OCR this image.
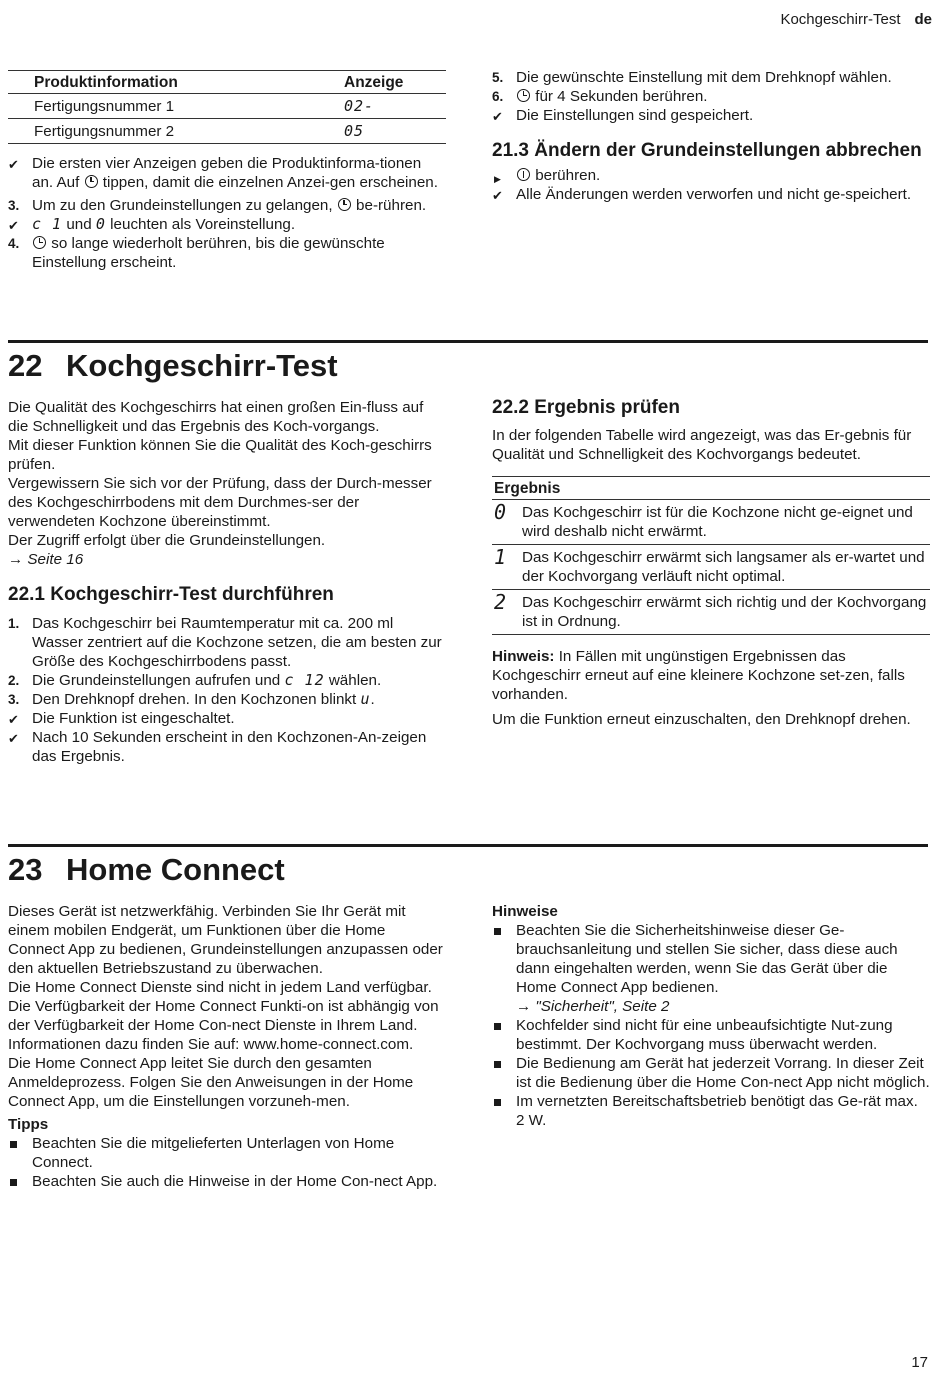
Kochgeschirr-Test de
Produktinformation	Anzeige
Fertigungsnummer 1	02-
Fertigungsnummer 2	05
✔ Die ersten vier Anzeigen geben die Produktinforma-tionen an. Auf tippen, damit die einzelnen Anzei-gen erscheinen.
3. Um zu den Grundeinstellungen zu gelangen, be-rühren.
✔ c 1 und 0 leuchten als Voreinstellung.
4. so lange wiederholt berühren, bis die gewünschte Einstellung erscheint.
5. Die gewünschte Einstellung mit dem Drehknopf wählen.
6. für 4 Sekunden berühren.
✔ Die Einstellungen sind gespeichert.
21.3 Ändern der Grundeinstellungen abbrechen
▶ berühren.
✔ Alle Änderungen werden verworfen und nicht ge-speichert.
22 Kochgeschirr-Test

Die Qualität des Kochgeschirrs hat einen großen Ein-fluss auf die Schnelligkeit und das Ergebnis des Koch-vorgangs.

Mit dieser Funktion können Sie die Qualität des Koch-geschirrs prüfen.

Vergewissern Sie sich vor der Prüfung, dass der Durch-messer des Kochgeschirrbodens mit dem Durchmes-ser der verwendeten Kochzone übereinstimmt.

Der Zugriff erfolgt über die Grundeinstellungen.

→ Seite 16

22.1 Kochgeschirr-Test durchführen
1. Das Kochgeschirr bei Raumtemperatur mit ca. 200 ml Wasser zentriert auf die Kochzone setzen, die am besten zur Größe des Kochgeschirrbodens passt.
2. Die Grundeinstellungen aufrufen und c 12 wählen.
3. Den Drehknopf drehen. In den Kochzonen blinkt u.
✔ Die Funktion ist eingeschaltet.
✔ Nach 10 Sekunden erscheint in den Kochzonen-An-zeigen das Ergebnis.
22.2 Ergebnis prüfen

In der folgenden Tabelle wird angezeigt, was das Er-gebnis für Qualität und Schnelligkeit des Kochvorgangs bedeutet.

Ergebnis	
0	Das Kochgeschirr ist für die Kochzone nicht ge-eignet und wird deshalb nicht erwärmt.
1	Das Kochgeschirr erwärmt sich langsamer als er-wartet und der Kochvorgang verläuft nicht optimal.
2	Das Kochgeschirr erwärmt sich richtig und der Kochvorgang ist in Ordnung.

Hinweis: In Fällen mit ungünstigen Ergebnissen das Kochgeschirr erneut auf eine kleinere Kochzone set-zen, falls vorhanden.

Um die Funktion erneut einzuschalten, den Drehknopf drehen.

23 Home Connect

Dieses Gerät ist netzwerkfähig. Verbinden Sie Ihr Gerät mit einem mobilen Endgerät, um Funktionen über die Home Connect App zu bedienen, Grundeinstellungen anzupassen oder den aktuellen Betriebszustand zu überwachen.

Die Home Connect Dienste sind nicht in jedem Land verfügbar. Die Verfügbarkeit der Home Connect Funkti-on ist abhängig von der Verfügbarkeit der Home Con-nect Dienste in Ihrem Land. Informationen dazu finden Sie auf: www.home-connect.com.

Die Home Connect App leitet Sie durch den gesamten Anmeldeprozess. Folgen Sie den Anweisungen in der Home Connect App, um die Einstellungen vorzuneh-men.

Tipps

Beachten Sie die mitgelieferten Unterlagen von Home Connect.
Beachten Sie auch die Hinweise in der Home Con-nect App.

Hinweise

Beachten Sie die Sicherheitshinweise dieser Ge-brauchsanleitung und stellen Sie sicher, dass diese auch dann eingehalten werden, wenn Sie das Gerät über die Home Connect App bedienen.
→ "Sicherheit", Seite 2
Kochfelder sind nicht für eine unbeaufsichtigte Nut-zung bestimmt. Der Kochvorgang muss überwacht werden.
Die Bedienung am Gerät hat jederzeit Vorrang. In dieser Zeit ist die Bedienung über die Home Con-nect App nicht möglich.
Im vernetzten Bereitschaftsbetrieb benötigt das Ge-rät max. 2 W.
17
